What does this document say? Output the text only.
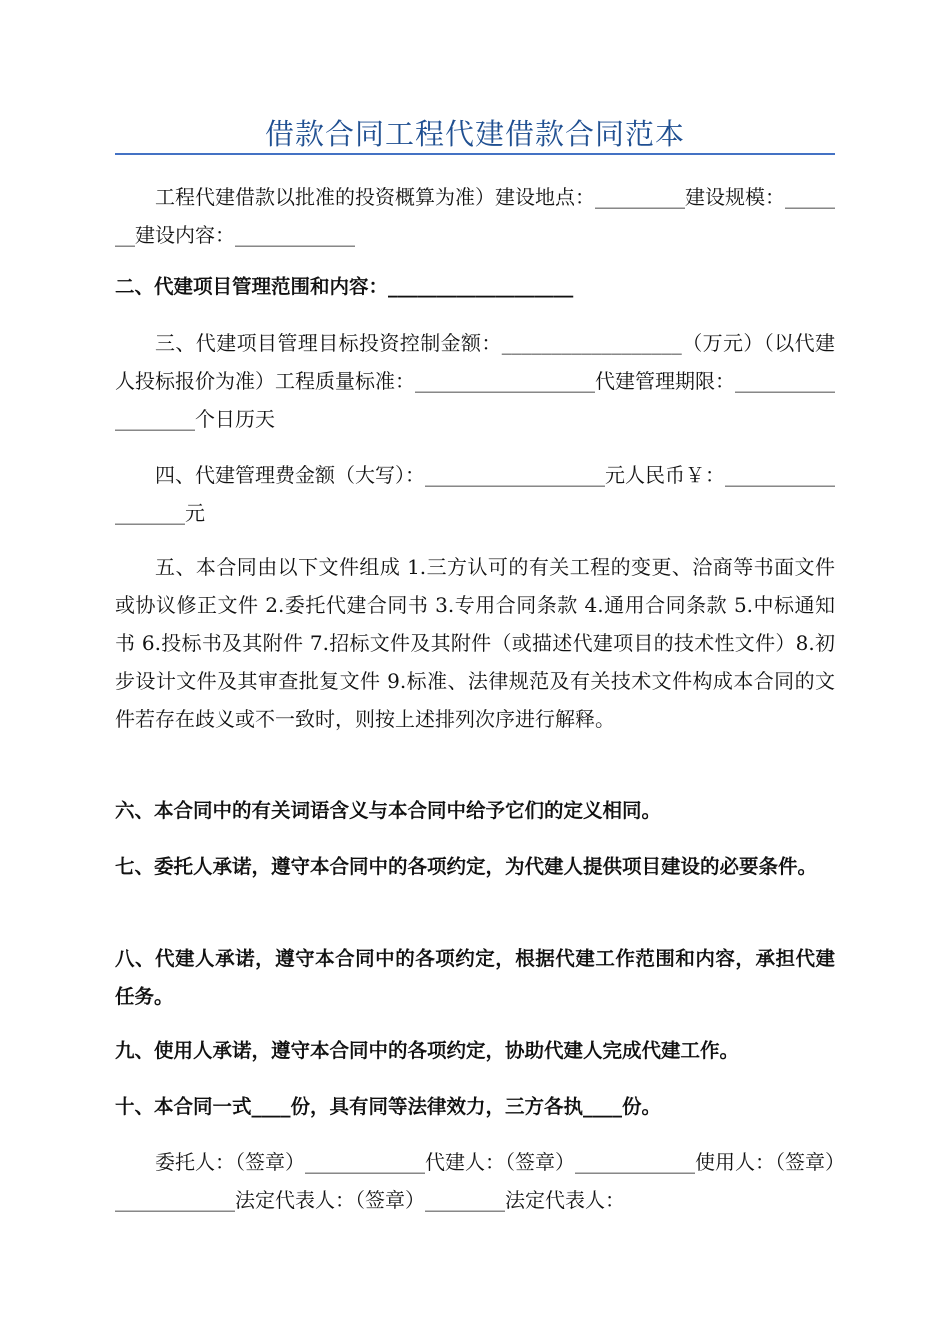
借款合同工程代建借款合同范本

工程代建借款以批准的投资概算为准）建设地点：_________建设规模：_______建设内容：____________

二、代建项目管理范围和内容：___________________

三、代建项目管理目标投资控制金额：__________________（万元）（以代建人投标报价为准）工程质量标准：__________________代建管理期限：__________________个日历天

四、代建管理费金额（大写）：__________________元人民币￥：__________________元

五、本合同由以下文件组成 1.三方认可的有关工程的变更、洽商等书面文件或协议修正文件 2.委托代建合同书 3.专用合同条款 4.通用合同条款 5.中标通知书 6.投标书及其附件 7.招标文件及其附件（或描述代建项目的技术性文件）8.初步设计文件及其审查批复文件 9.标准、法律规范及有关技术文件构成本合同的文件若存在歧义或不一致时，则按上述排列次序进行解释。

六、本合同中的有关词语含义与本合同中给予它们的定义相同。

七、委托人承诺，遵守本合同中的各项约定，为代建人提供项目建设的必要条件。

八、代建人承诺，遵守本合同中的各项约定，根据代建工作范围和内容，承担代建任务。

九、使用人承诺，遵守本合同中的各项约定，协助代建人完成代建工作。

十、本合同一式____份，具有同等法律效力，三方各执____份。

委托人：（签章）____________代建人：（签章）____________使用人：（签章）____________法定代表人：（签章）________法定代表人：
